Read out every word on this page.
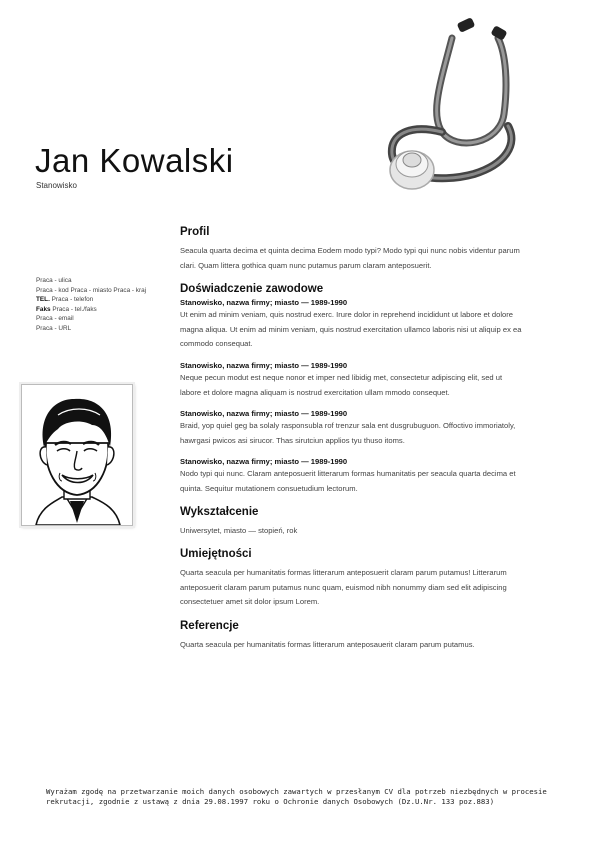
Jan Kowalski
Stanowisko
Praca - ulica
Praca - kod Praca - miasto Praca - kraj
TEL. Praca - telefon
Faks Praca - tel./faks
Praca - email
Praca - URL
Profil

Seacula quarta decima et quinta decima Eodem modo typi? Modo typi qui nunc nobis videntur parum clari. Quam littera gothica quam nunc putamus parum claram anteposuerit.

Doświadczenie zawodowe
Stanowisko, nazwa firmy; miasto — 1989-1990

Ut enim ad minim veniam, quis nostrud exerc. Irure dolor in reprehend incididunt ut labore et dolore magna aliqua. Ut enim ad minim veniam, quis nostrud exercitation ullamco laboris nisi ut aliquip ex ea commodo consequat.

Stanowisko, nazwa firmy; miasto — 1989-1990

Neque pecun modut est neque nonor et imper ned libidig met, consectetur adipiscing elit, sed ut labore et dolore magna aliquam is nostrud exercitation ullam mmodo consequet.

Stanowisko, nazwa firmy; miasto — 1989-1990

Braid, yop quiel geg ba solaly rasponsubla rof trenzur sala ent dusgrubuguon. Offoctivo immoriatoly, hawrgasi pwicos asi sirucor. Thas sirutciun applios tyu thuso itoms.

Stanowisko, nazwa firmy; miasto — 1989-1990

Nodo typi qui nunc. Claram anteposuerit litterarum formas humanitatis per seacula quarta decima et quinta. Sequitur mutationem consuetudium lectorum.

Wykształcenie

Uniwersytet, miasto — stopień, rok

Umiejętności

Quarta seacula per humanitatis formas litterarum anteposuerit claram parum putamus! Litterarum anteposuerit claram parum putamus nunc quam, euismod nibh nonummy diam sed elit adipiscing consectetuer amet sit dolor ipsum Lorem.

Referencje

Quarta seacula per humanitatis formas litterarum anteposauerit claram parum putamus.

Wyrażam zgodę na przetwarzanie moich danych osobowych zawartych w przesłanym CV dla potrzeb niezbędnych w procesie rekrutacji, zgodnie z ustawą z dnia 29.08.1997 roku o Ochronie danych Osobowych (Dz.U.Nr. 133 poz.883)
